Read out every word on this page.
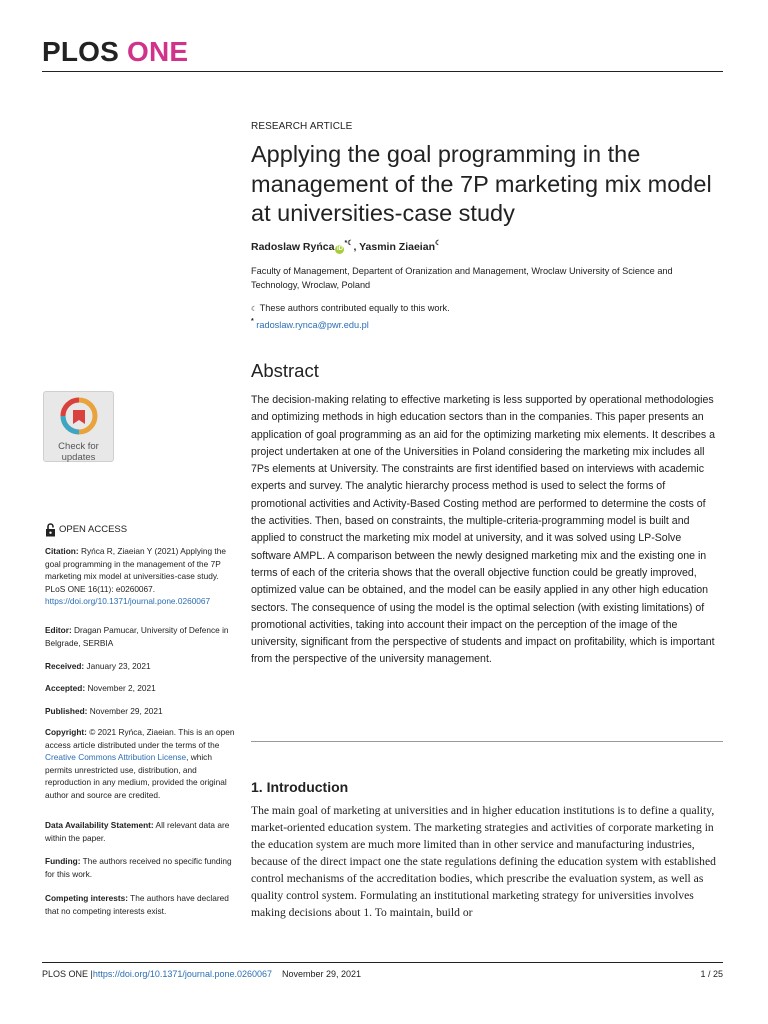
PLOS ONE
RESEARCH ARTICLE
Applying the goal programming in the management of the 7P marketing mix model at universities-case study
Radoslaw Ryńca iD*☾, Yasmin Ziaeian☾
Faculty of Management, Departent of Oranization and Management, Wroclaw University of Science and Technology, Wroclaw, Poland
☾ These authors contributed equally to this work.
* radoslaw.rynca@pwr.edu.pl
Abstract

The decision-making relating to effective marketing is less supported by operational methodologies and optimizing methods in high education sectors than in the companies. This paper presents an application of goal programming as an aid for the optimizing marketing mix elements. It describes a project undertaken at one of the Universities in Poland considering the marketing mix includes all 7Ps elements at University. The constraints are first identified based on interviews with academic experts and survey. The analytic hierarchy process method is used to select the forms of promotional activities and Activity-Based Costing method are performed to determine the costs of the activities. Then, based on constraints, the multiple-criteria-programming model is built and applied to construct the marketing mix model at university, and it was solved using LP-Solve software AMPL. A comparison between the newly designed marketing mix and the existing one in terms of each of the criteria shows that the overall objective function could be greatly improved, optimized value can be obtained, and the model can be easily applied in any other high education sectors. The consequence of using the model is the optimal selection (with existing limitations) of promotional activities, taking into account their impact on the perception of the image of the university, significant from the perspective of students and impact on profitability, which is important from the perspective of the university management.

1. Introduction

The main goal of marketing at universities and in higher education institutions is to define a quality, market-oriented education system. The marketing strategies and activities of corporate marketing in the education system are much more limited than in other service and manufacturing industries, because of the direct impact one the state regulations defining the education system with established control mechanisms of the accreditation bodies, which prescribe the evaluation system, as well as quality control system. Formulating an institutional marketing strategy for universities involves making decisions about 1. To maintain, build or

Check for
updates
OPEN ACCESS
Citation: Ryńca R, Ziaeian Y (2021) Applying the goal programming in the management of the 7P marketing mix model at universities-case study. PLoS ONE 16(11): e0260067. https://doi.org/10.1371/journal.pone.0260067
Editor: Dragan Pamucar, University of Defence in Belgrade, SERBIA
Received: January 23, 2021
Accepted: November 2, 2021
Published: November 29, 2021
Copyright: © 2021 Ryńca, Ziaeian. This is an open access article distributed under the terms of the Creative Commons Attribution License, which permits unrestricted use, distribution, and reproduction in any medium, provided the original author and source are credited.
Data Availability Statement: All relevant data are within the paper.
Funding: The authors received no specific funding for this work.
Competing interests: The authors have declared that no competing interests exist.
PLOS ONE | https://doi.org/10.1371/journal.pone.0260067 November 29, 2021	1 / 25
